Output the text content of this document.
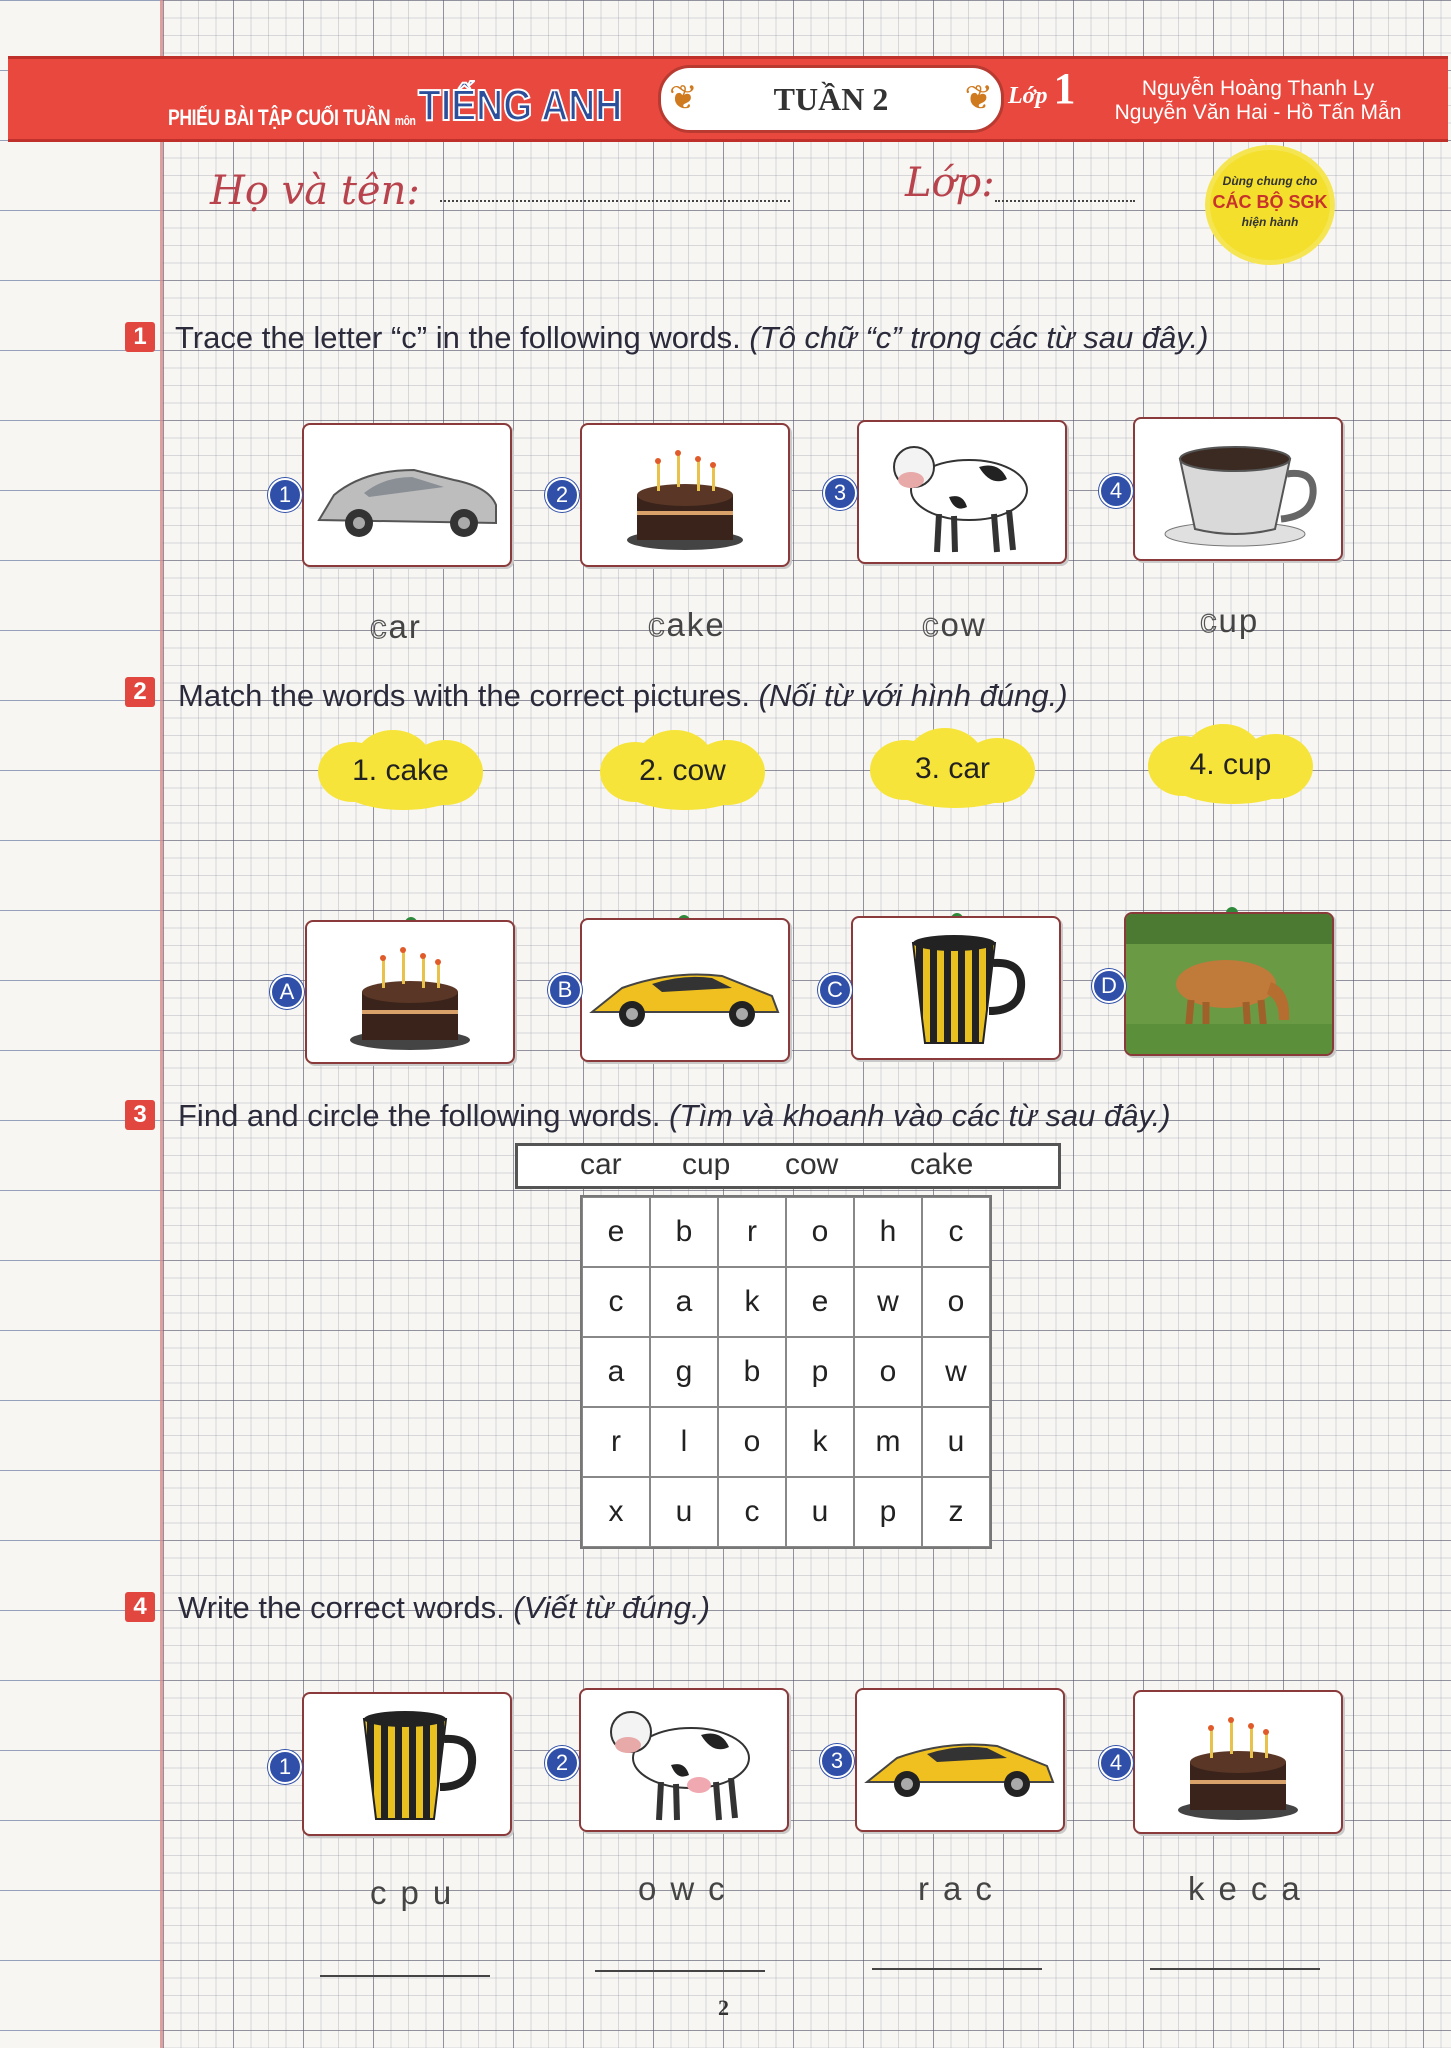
PHIẾU BÀI TẬP CUỐI TUẦN môn TIẾNG ANH ❦ TUẦN 2 ❦ Lớp 1	Nguyễn Hoàng Thanh Ly
Nguyễn Văn Hai - Hồ Tấn Mẫn
Họ và tên:	Lớp:	Dùng chung cho
CÁC BỘ SGK
hiện hành
1 Trace the letter “c” in the following words. (Tô chữ “c” trong các từ sau đây.)
1	2	3	4
car	cake	cow	cup
2 Match the words with the correct pictures. (Nối từ với hình đúng.)
1. cake	2. cow	3. car	4. cup
A	B	C	D
3 Find and circle the following words. (Tìm và khoanh vào các từ sau đây.)
car cup cow cake
e	b	r	o	h	c
c	a	k	e	w	o
a	g	b	p	o	w
r	l	o	k	m	u
x	u	c	u	p	z
4 Write the correct words. (Viết từ đúng.)
1	2	3	4
cpu	owc	rac	keca
2
